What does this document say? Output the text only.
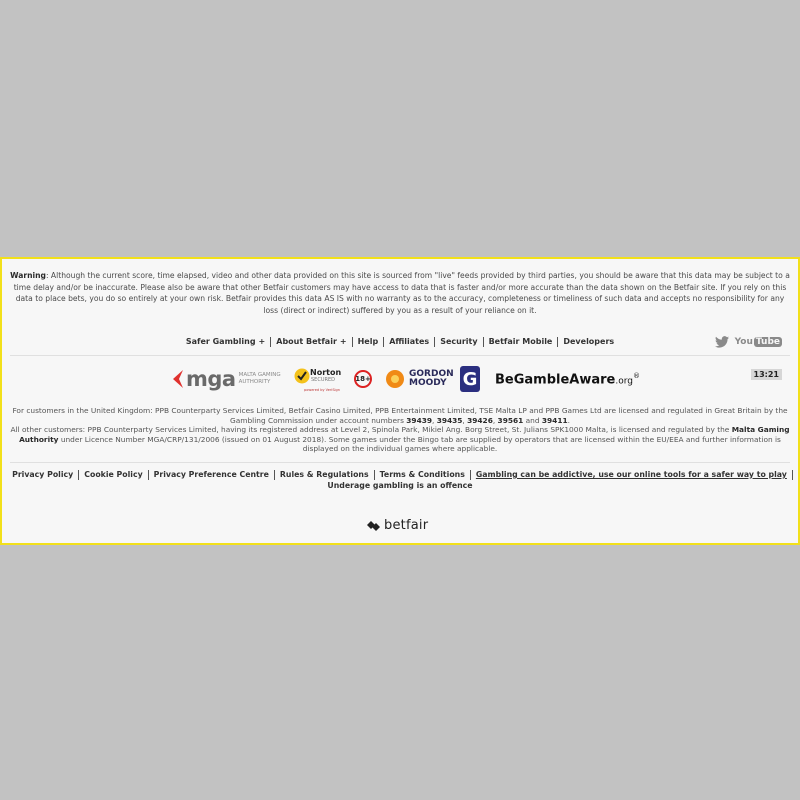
Warning: Although the current score, time elapsed, video and other data provided on this site is sourced from "live" feeds provided by third parties, you should be aware that this data may be subject to a time delay and/or be inaccurate. Please also be aware that other Betfair customers may have access to data that is faster and/or more accurate than the data shown on the Betfair site. If you rely on this data to place bets, you do so entirely at your own risk. Betfair provides this data AS IS with no warranty as to the accuracy, completeness or timeliness of such data and accepts no responsibility for any loss (direct or indirect) suffered by you as a result of your reliance on it.
Safer Gambling + About Betfair + Help Affiliates Security Betfair Mobile Developers	You Tube
mga MALTA GAMING
AUTHORITY
Norton
SECURED
powered by VeriSign
18+	GORDON
MOODY G BeGambleAware.org®	13:21
For customers in the United Kingdom: PPB Counterparty Services Limited, Betfair Casino Limited, PPB Entertainment Limited, TSE Malta LP and PPB Games Ltd are licensed and regulated in Great Britain by the Gambling Commission under account numbers 39439, 39435, 39426, 39561 and 39411.
All other customers: PPB Counterparty Services Limited, having its registered address at Level 2, Spinola Park, Mikiel Ang. Borg Street, St. Julians SPK1000 Malta, is licensed and regulated by the Malta Gaming Authority under Licence Number MGA/CRP/131/2006 (issued on 01 August 2018). Some games under the Bingo tab are supplied by operators that are licensed within the EU/EEA and further information is displayed on the individual games where applicable.
Privacy Policy Cookie Policy Privacy Preference Centre Rules & Regulations Terms & Conditions Gambling can be addictive, use our online tools for a safer way to play
Underage gambling is an offence
betfair
